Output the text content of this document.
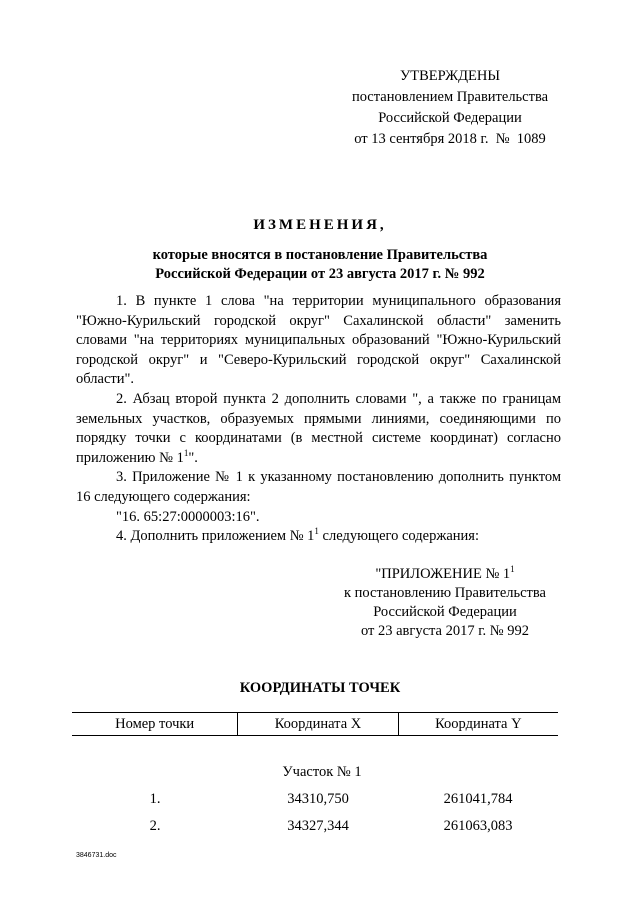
УТВЕРЖДЕНЫ
постановлением Правительства
Российской Федерации
от 13 сентября 2018 г.  №  1089
ИЗМЕНЕНИЯ,
которые вносятся в постановление Правительства
Российской Федерации от 23 августа 2017 г. № 992

1. В пункте 1 слова "на территории муниципального образования "Южно-Курильский городской округ" Сахалинской области" заменить словами "на территориях муниципальных образований "Южно-Курильский городской округ" и "Северо-Курильский городской округ" Сахалинской области".

2. Абзац второй пункта 2 дополнить словами ", а также по границам земельных участков, образуемых прямыми линиями, соединяющими по порядку точки с координатами (в местной системе координат) согласно приложению № $1^1$".

3. Приложение № 1 к указанному постановлению дополнить пунктом 16 следующего содержания:

"16. 65:27:0000003:16".

4. Дополнить приложением № $1^1$ следующего содержания:

"ПРИЛОЖЕНИЕ № $1^1$
к постановлению Правительства
Российской Федерации
от 23 августа 2017 г. № 992
КООРДИНАТЫ ТОЧЕК
Номер точки	Координата X	Координата Y
Участок № 1
1.	34310,750	261041,784
2.	34327,344	261063,083
3846731.doc
